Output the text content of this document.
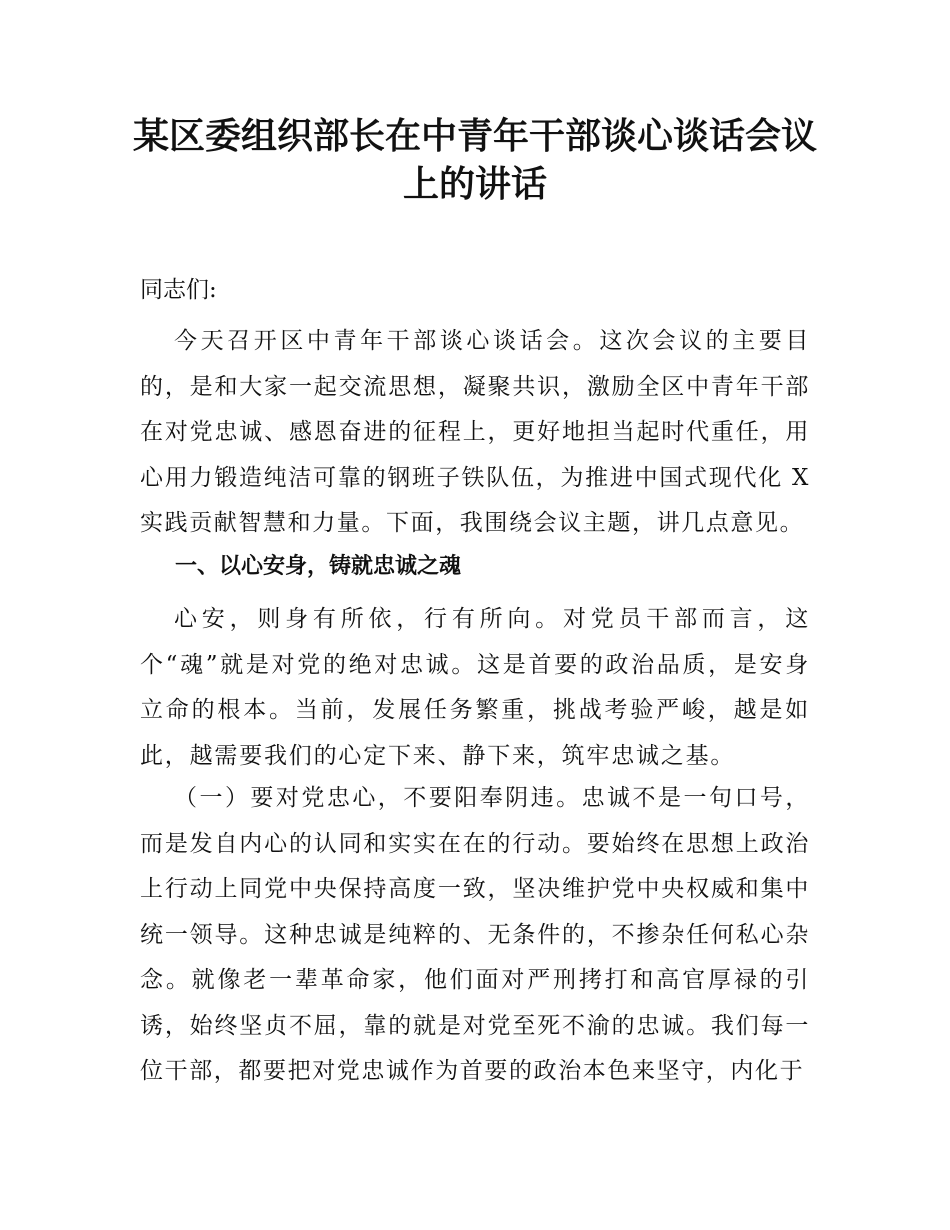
某区委组织部长在中青年干部谈心谈话会议上的讲话

同志们:

今天召开区中青年干部谈心谈话会。这次会议的主要目的，是和大家一起交流思想，凝聚共识，激励全区中青年干部在对党忠诚、感恩奋进的征程上，更好地担当起时代重任，用心用力锻造纯洁可靠的钢班子铁队伍，为推进中国式现代化 X 实践贡献智慧和力量。下面，我围绕会议主题，讲几点意见。

一、以心安身，铸就忠诚之魂

心安，则身有所依，行有所向。对党员干部而言，这个“魂”就是对党的绝对忠诚。这是首要的政治品质，是安身立命的根本。当前，发展任务繁重，挑战考验严峻，越是如此，越需要我们的心定下来、静下来，筑牢忠诚之基。

（一）要对党忠心，不要阳奉阴违。忠诚不是一句口号，而是发自内心的认同和实实在在的行动。要始终在思想上政治上行动上同党中央保持高度一致，坚决维护党中央权威和集中统一领导。这种忠诚是纯粹的、无条件的，不掺杂任何私心杂念。就像老一辈革命家，他们面对严刑拷打和高官厚禄的引诱，始终坚贞不屈，靠的就是对党至死不渝的忠诚。我们每一位干部，都要把对党忠诚作为首要的政治本色来坚守，内化于
